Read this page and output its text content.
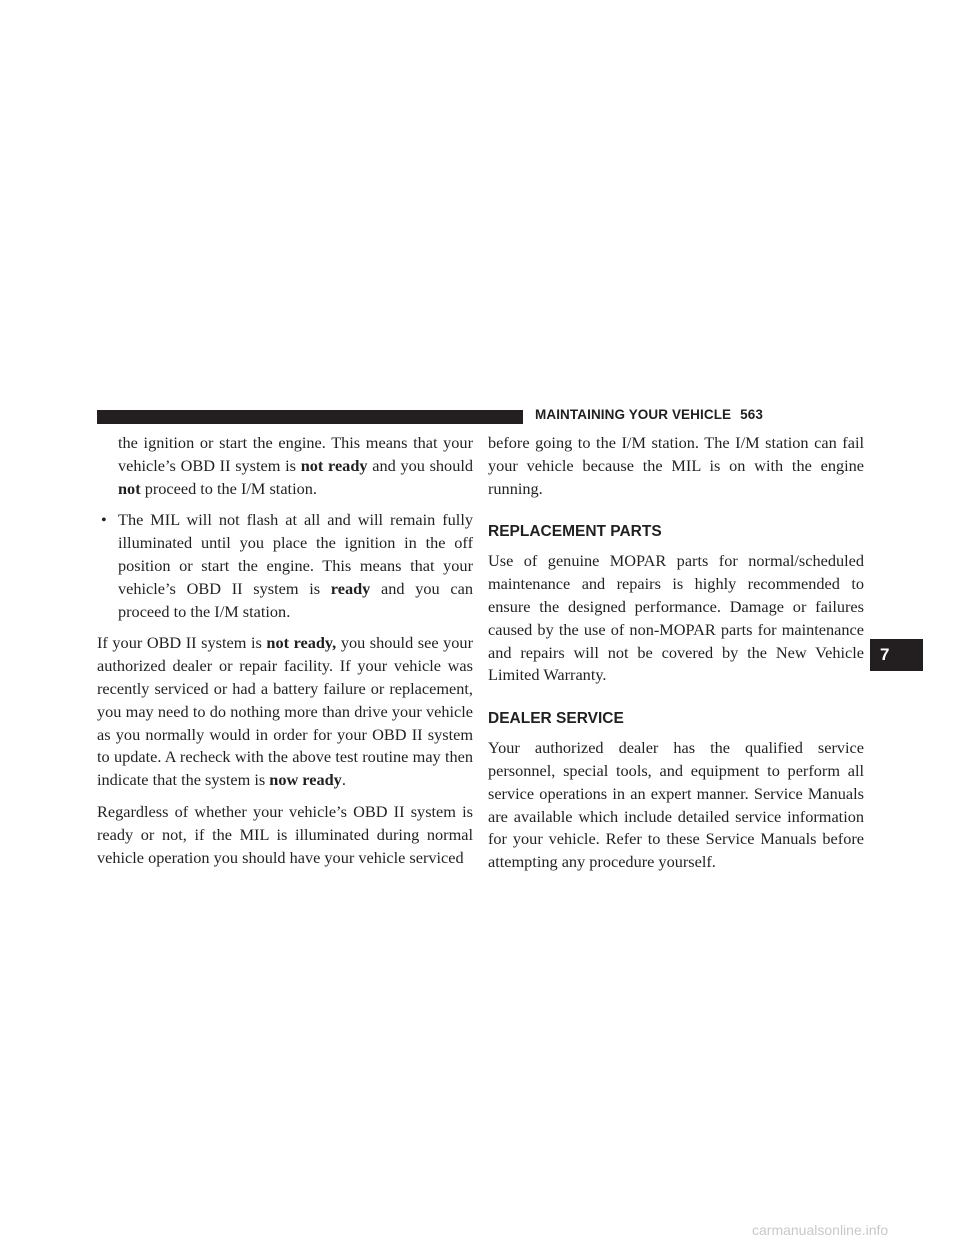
MAINTAINING YOUR VEHICLE 563

the ignition or start the engine. This means that your vehicle’s OBD II system is not ready and you should not proceed to the I/M station.

• The MIL will not flash at all and will remain fully illuminated until you place the ignition in the off position or start the engine. This means that your vehicle’s OBD II system is ready and you can proceed to the I/M station.

If your OBD II system is not ready, you should see your authorized dealer or repair facility. If your vehicle was recently serviced or had a battery failure or replacement, you may need to do nothing more than drive your vehicle as you normally would in order for your OBD II system to update. A recheck with the above test routine may then indicate that the system is now ready.

Regardless of whether your vehicle’s OBD II system is ready or not, if the MIL is illuminated during normal vehicle operation you should have your vehicle serviced

before going to the I/M station. The I/M station can fail your vehicle because the MIL is on with the engine running.

REPLACEMENT PARTS

Use of genuine MOPAR parts for normal/scheduled maintenance and repairs is highly recommended to ensure the designed performance. Damage or failures caused by the use of non-MOPAR parts for maintenance and repairs will not be covered by the New Vehicle Limited Warranty.

DEALER SERVICE

Your authorized dealer has the qualified service personnel, special tools, and equipment to perform all service operations in an expert manner. Service Manuals are available which include detailed service information for your vehicle. Refer to these Service Manuals before attempting any procedure yourself.

7
carmanualsonline.info
